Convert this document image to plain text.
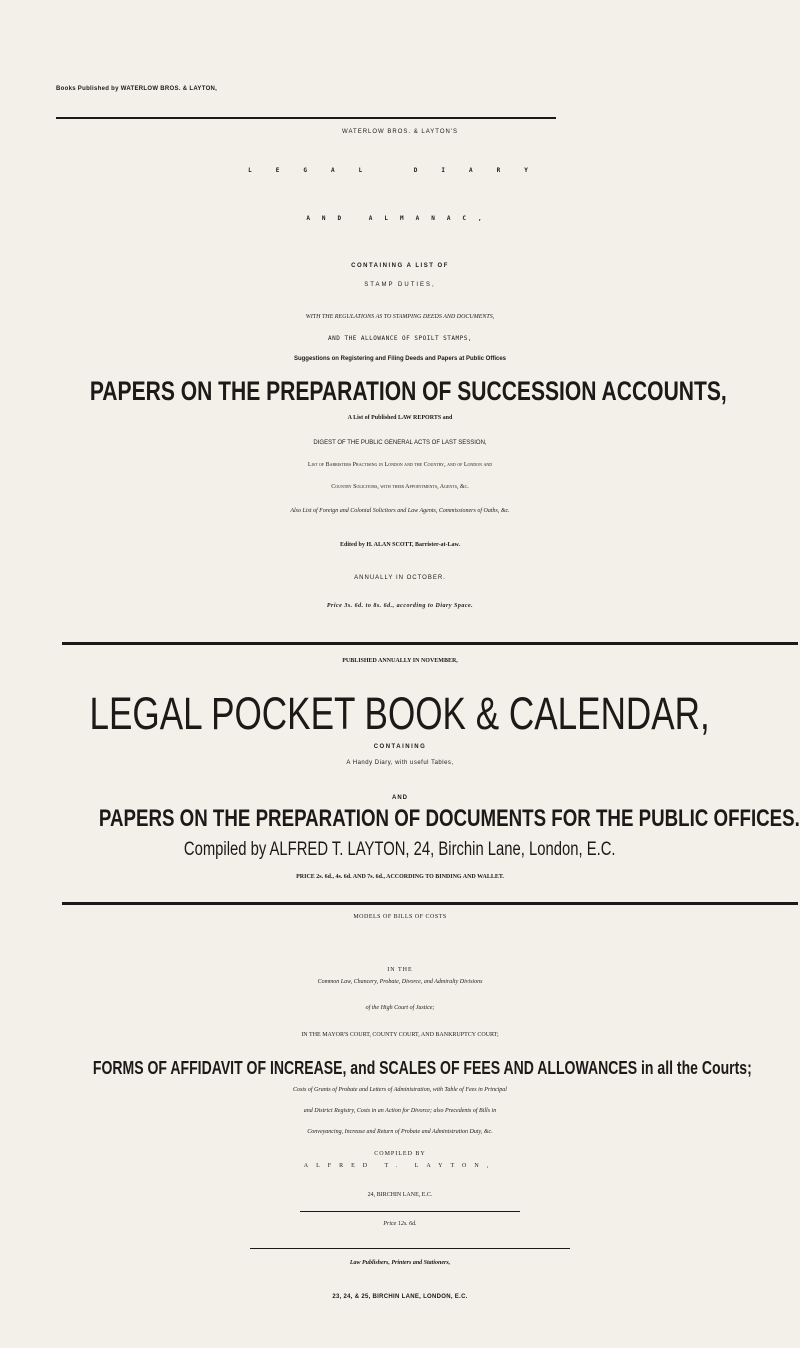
Books Published by WATERLOW BROS. & LAYTON,
WATERLOW BROS. & LAYTON'S
LEGAL DIARY
AND ALMANAC,
CONTAINING A LIST OF
STAMP DUTIES,
WITH THE REGULATIONS AS TO STAMPING DEEDS AND DOCUMENTS,
AND THE ALLOWANCE OF SPOILT STAMPS,
Suggestions on Registering and Filing Deeds and Papers at Public Offices
PAPERS ON THE PREPARATION OF SUCCESSION ACCOUNTS,
A List of Published LAW REPORTS and
DIGEST OF THE PUBLIC GENERAL ACTS OF LAST SESSION,
List of Barristers Practising in London and the Country, and of London and
Country Solicitors, with their Appointments, Agents, &c.
Also List of Foreign and Colonial Solicitors and Law Agents, Commissioners of Oaths, &c.
Edited by H. ALAN SCOTT, Barrister-at-Law.
ANNUALLY IN OCTOBER.
Price 3s. 6d. to 8s. 6d., according to Diary Space.
PUBLISHED ANNUALLY IN NOVEMBER,
LEGAL POCKET BOOK & CALENDAR,
CONTAINING
A Handy Diary, with useful Tables,
AND
PAPERS ON THE PREPARATION OF DOCUMENTS FOR THE PUBLIC OFFICES.
Compiled by ALFRED T. LAYTON, 24, Birchin Lane, London, E.C.
PRICE 2s. 6d., 4s. 6d. AND 7s. 6d., ACCORDING TO BINDING AND WALLET.
MODELS OF BILLS OF COSTS
IN THE
Common Law, Chancery, Probate, Divorce, and Admiralty Divisions
of the High Court of Justice;
IN THE MAYOR'S COURT, COUNTY COURT, AND BANKRUPTCY COURT;
FORMS OF AFFIDAVIT OF INCREASE, and SCALES OF FEES AND ALLOWANCES in all the Courts;
Costs of Grants of Probate and Letters of Administration, with Table of Fees in Principal
and District Registry, Costs in an Action for Divorce; also Precedents of Bills in
Conveyancing, Increase and Return of Probate and Administration Duty, &c.
COMPILED BY
ALFRED T. LAYTON,
24, BIRCHIN LANE, E.C.
Price 12s. 6d.
Law Publishers, Printers and Stationers,
23, 24, & 25, BIRCHIN LANE, LONDON, E.C.
